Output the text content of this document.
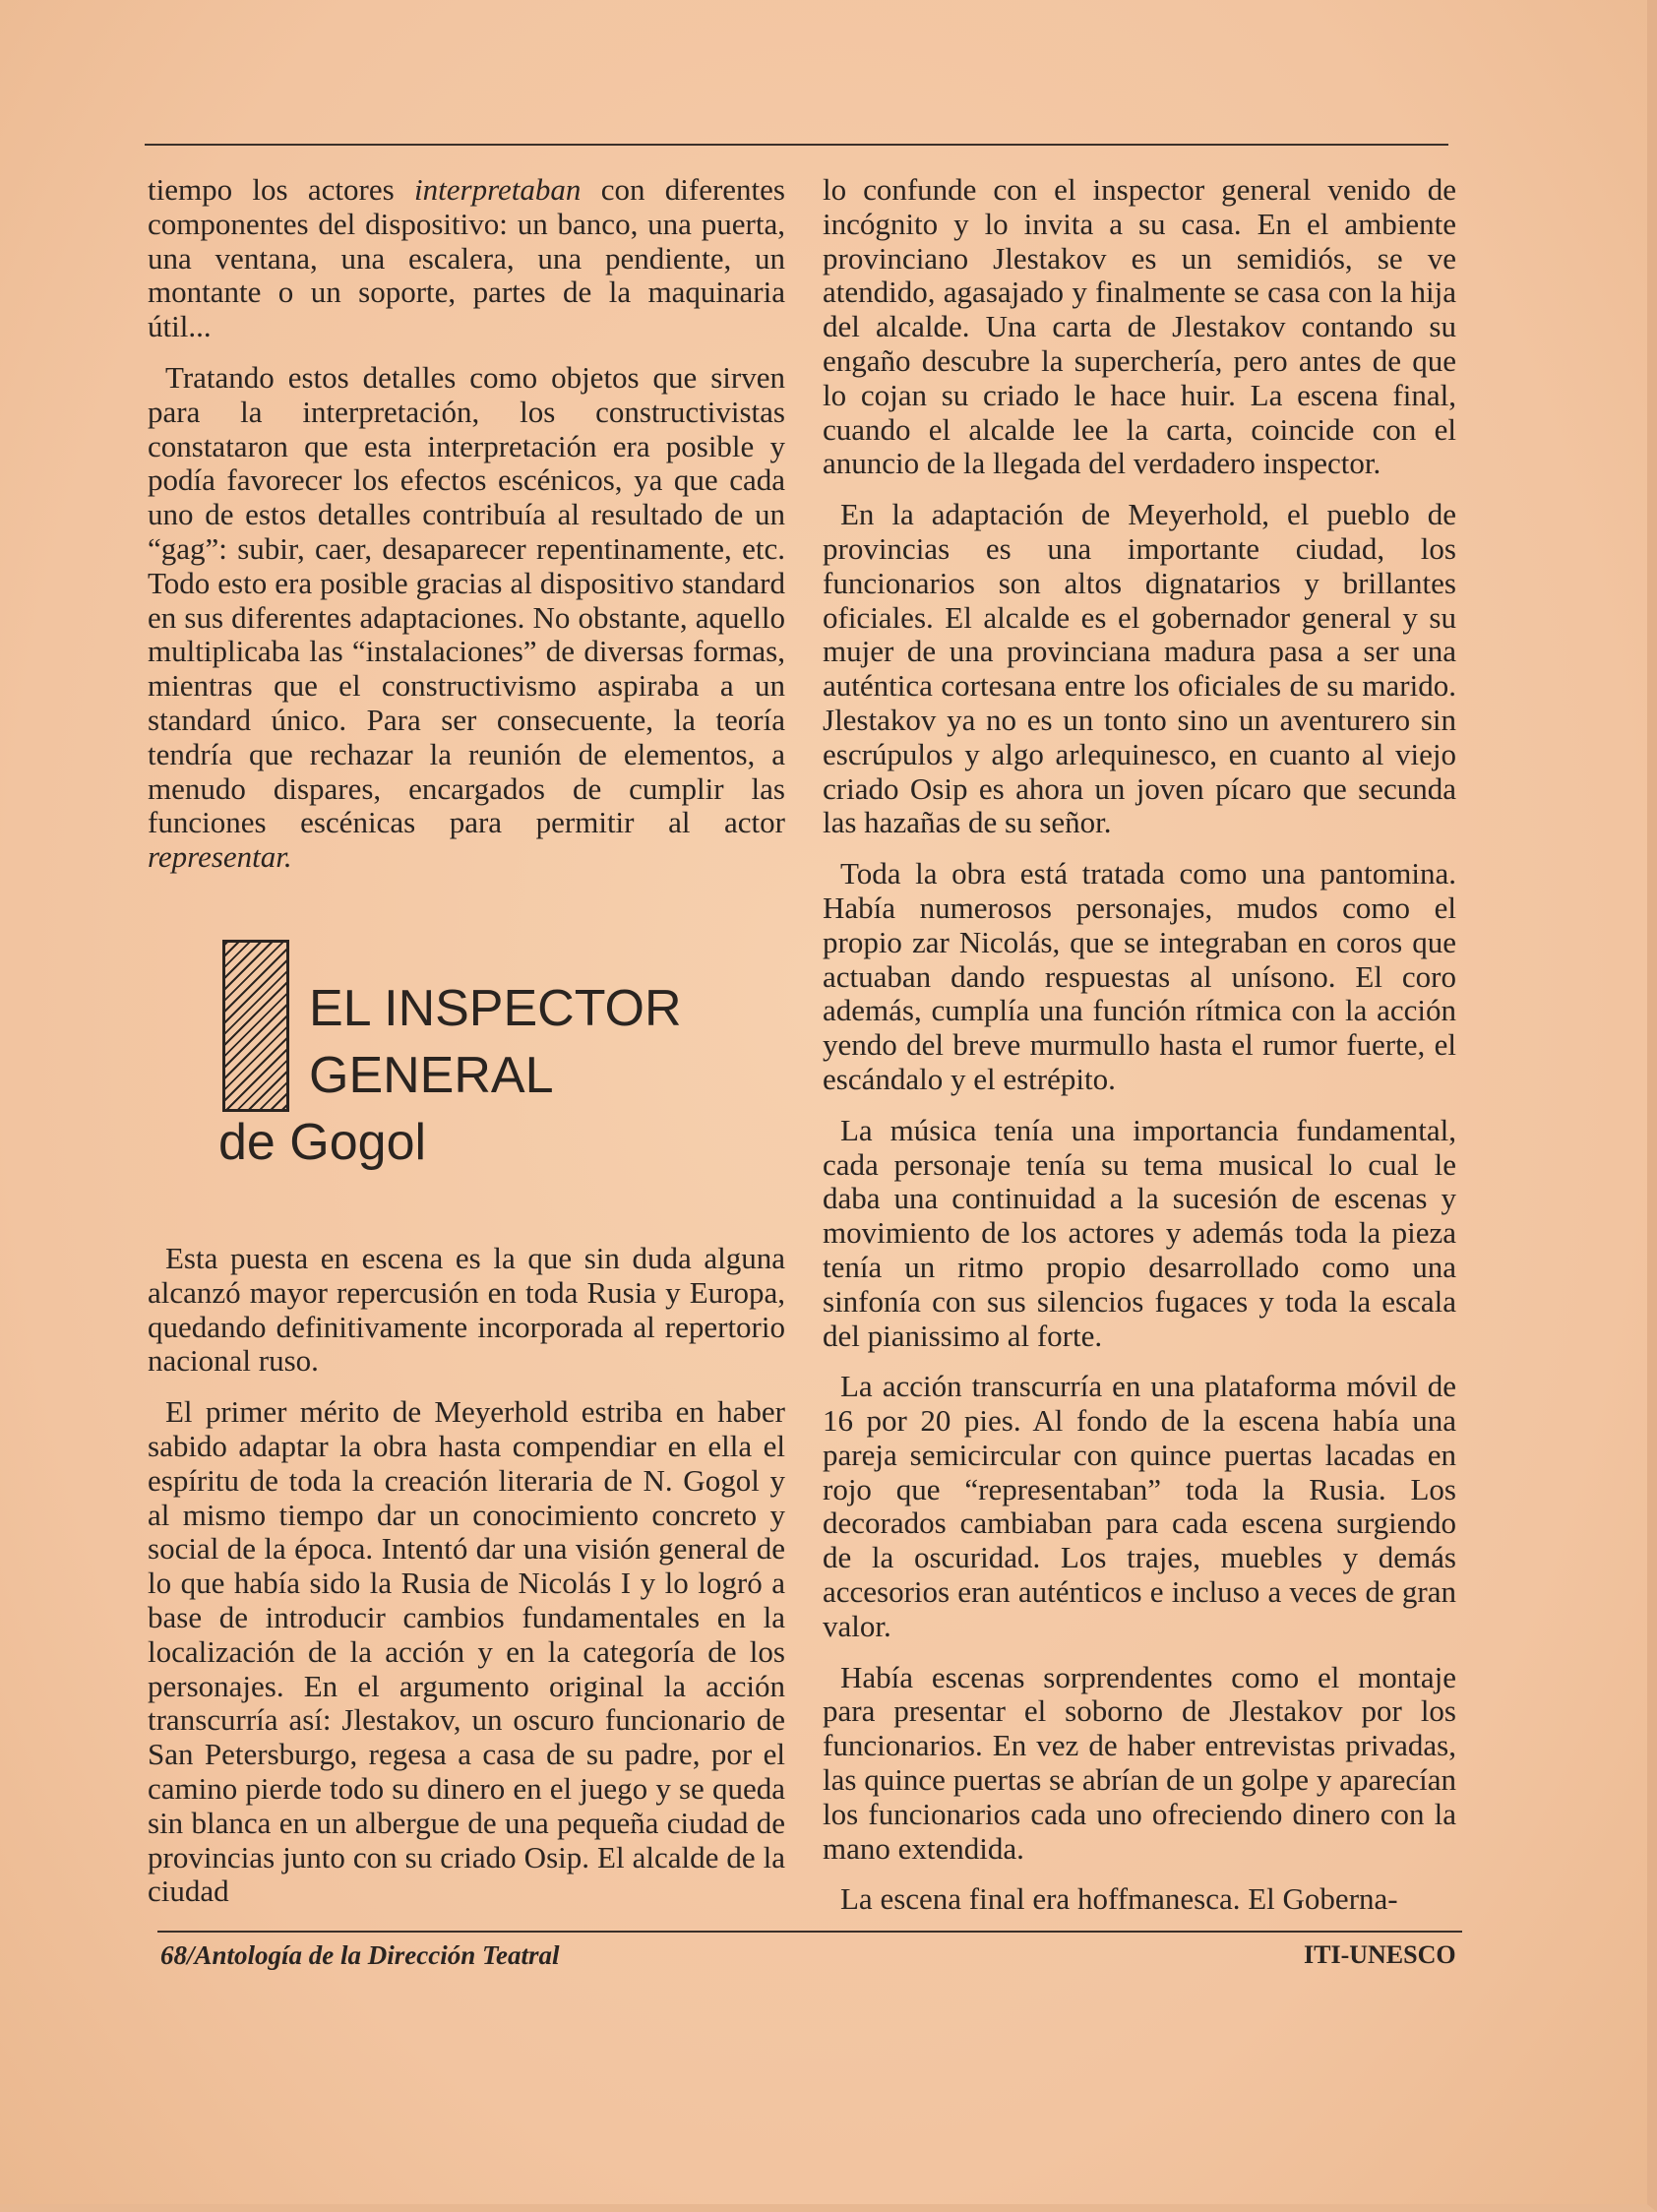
tiempo los actores interpretaban con diferentes componentes del dispositivo: un banco, una puerta, una ventana, una escalera, una pendiente, un montante o un soporte, partes de la maquinaria útil...

Tratando estos detalles como objetos que sirven para la interpretación, los constructivistas constataron que esta interpretación era posible y podía favorecer los efectos escénicos, ya que cada uno de estos detalles contribuía al resultado de un “gag”: subir, caer, desaparecer repentinamente, etc. Todo esto era posible gracias al dispositivo standard en sus diferentes adaptaciones. No obstante, aquello multiplicaba las “instalaciones” de diversas formas, mientras que el constructivismo aspiraba a un standard único. Para ser consecuente, la teoría tendría que rechazar la reunión de elementos, a menudo dispares, encargados de cumplir las funciones escénicas para permitir al actor representar.

EL INSPECTOR
GENERAL
de Gogol

Esta puesta en escena es la que sin duda alguna alcanzó mayor repercusión en toda Rusia y Europa, quedando definitivamente incorporada al repertorio nacional ruso.

El primer mérito de Meyerhold estriba en haber sabido adaptar la obra hasta compendiar en ella el espíritu de toda la creación literaria de N. Gogol y al mismo tiempo dar un conocimiento concreto y social de la época. Intentó dar una visión general de lo que había sido la Rusia de Nicolás I y lo logró a base de introducir cambios fundamentales en la localización de la acción y en la categoría de los personajes. En el argumento original la acción transcurría así: Jlestakov, un oscuro funcionario de San Petersburgo, regesa a casa de su padre, por el camino pierde todo su dinero en el juego y se queda sin blanca en un albergue de una pequeña ciudad de provincias junto con su criado Osip. El alcalde de la ciudad

lo confunde con el inspector general venido de incógnito y lo invita a su casa. En el ambiente provinciano Jlestakov es un semidiós, se ve atendido, agasajado y finalmente se casa con la hija del alcalde. Una carta de Jlestakov contando su engaño descubre la superchería, pero antes de que lo cojan su criado le hace huir. La escena final, cuando el alcalde lee la carta, coincide con el anuncio de la llegada del verdadero inspector.

En la adaptación de Meyerhold, el pueblo de provincias es una importante ciudad, los funcionarios son altos dignatarios y brillantes oficiales. El alcalde es el gobernador general y su mujer de una provinciana madura pasa a ser una auténtica cortesana entre los oficiales de su marido. Jlestakov ya no es un tonto sino un aventurero sin escrúpulos y algo arlequinesco, en cuanto al viejo criado Osip es ahora un joven pícaro que secunda las hazañas de su señor.

Toda la obra está tratada como una pantomina. Había numerosos personajes, mudos como el propio zar Nicolás, que se integraban en coros que actuaban dando respuestas al unísono. El coro además, cumplía una función rítmica con la acción yendo del breve murmullo hasta el rumor fuerte, el escándalo y el estrépito.

La música tenía una importancia fundamental, cada personaje tenía su tema musical lo cual le daba una continuidad a la sucesión de escenas y movimiento de los actores y además toda la pieza tenía un ritmo propio desarrollado como una sinfonía con sus silencios fugaces y toda la escala del pianissimo al forte.

La acción transcurría en una plataforma móvil de 16 por 20 pies. Al fondo de la escena había una pareja semicircular con quince puertas lacadas en rojo que “representaban” toda la Rusia. Los decorados cambiaban para cada escena surgiendo de la oscuridad. Los trajes, muebles y demás accesorios eran auténticos e incluso a veces de gran valor.

Había escenas sorprendentes como el montaje para presentar el soborno de Jlestakov por los funcionarios. En vez de haber entrevistas privadas, las quince puertas se abrían de un golpe y aparecían los funcionarios cada uno ofreciendo dinero con la mano extendida.

La escena final era hoffmanesca. El Goberna-

68/Antología de la Dirección Teatral	ITI-UNESCO
